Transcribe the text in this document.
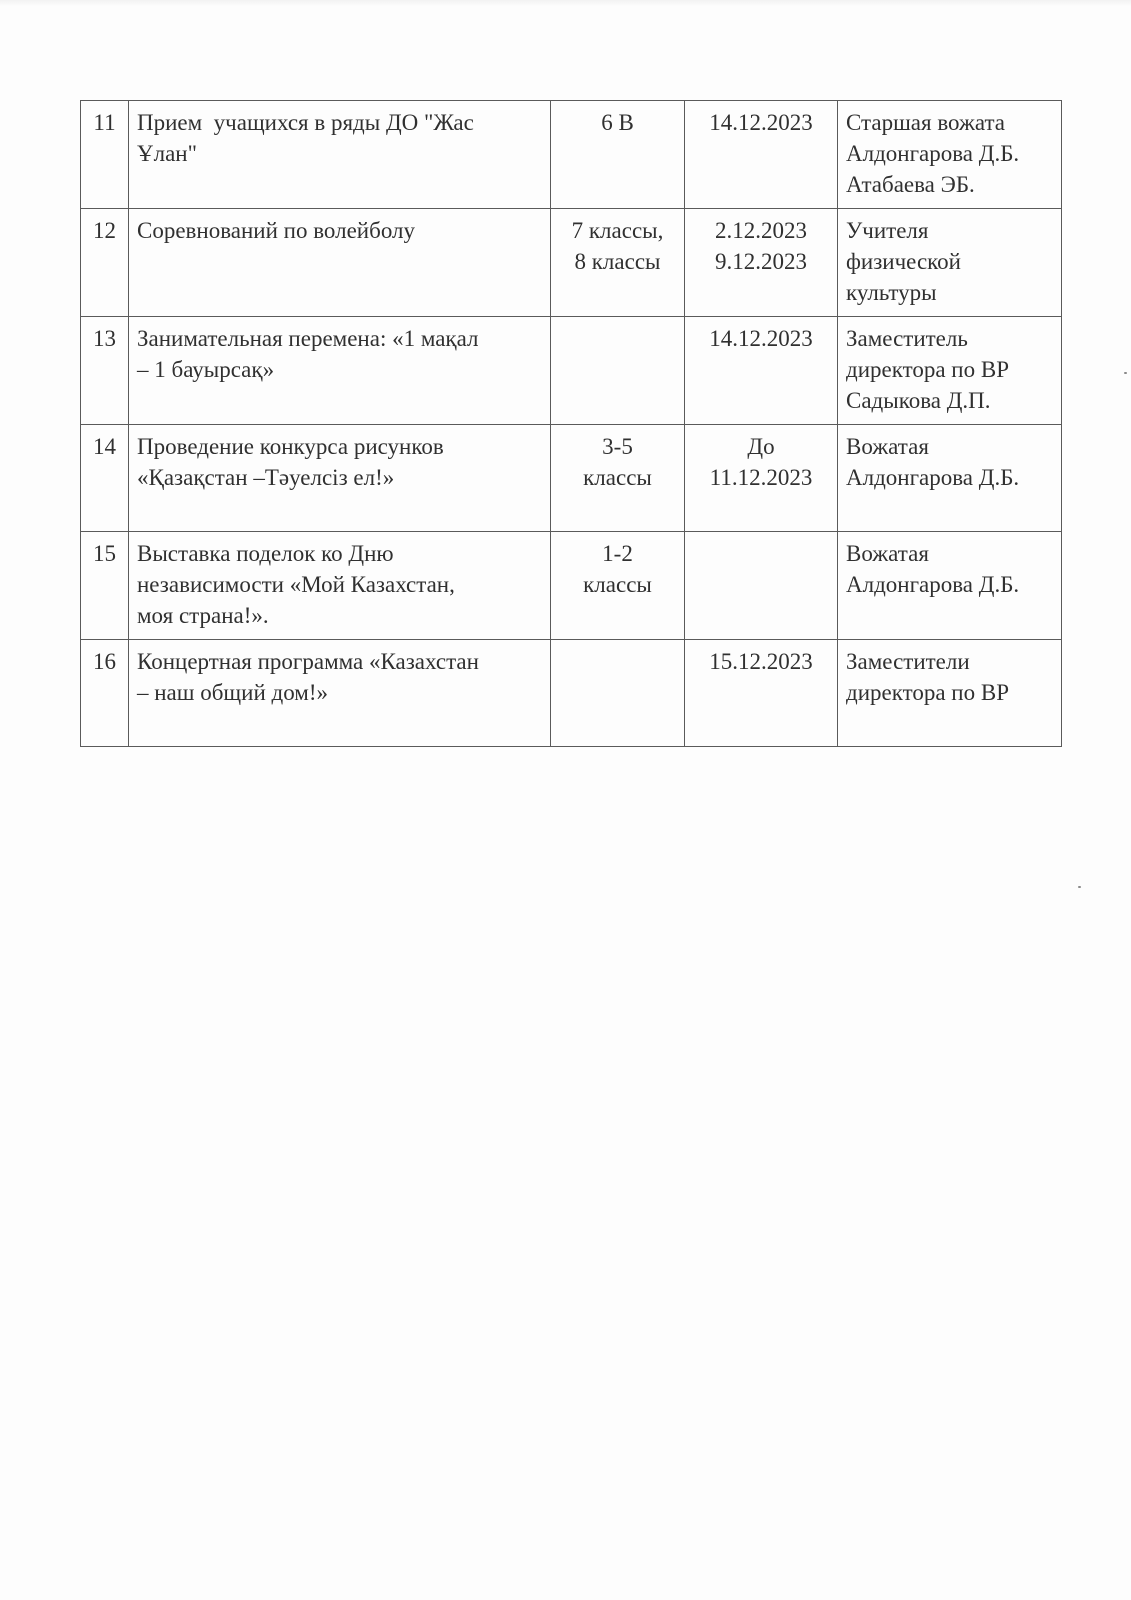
11	Прием  учащихся в ряды ДО "Жас
Ұлан"	6 В	14.12.2023	Старшая вожата
Алдонгарова Д.Б.
Атабаева ЭБ.

12	Соревнований по волейболу	7 классы,
8 классы	2.12.2023
9.12.2023	Учителя
физической
культуры

13	Занимательная перемена: «1 мақал
– 1 бауырсақ»		14.12.2023	Заместитель
директора по ВР
Садыкова Д.П.

14	Проведение конкурса рисунков
«Қазақстан –Тәуелсіз ел!»	3-5
классы	До
11.12.2023	Вожатая
Алдонгарова Д.Б.

15	Выставка поделок ко Дню
независимости «Мой Казахстан,
моя страна!».	1-2
классы		Вожатая
Алдонгарова Д.Б.

16	Концертная программа «Казахстан
– наш общий дом!»		15.12.2023	Заместители
директора по ВР
